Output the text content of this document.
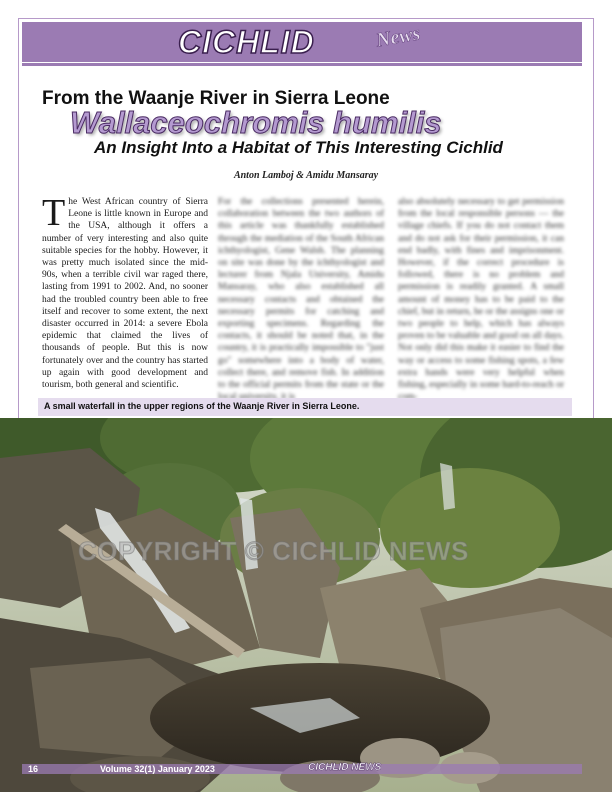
CICHLID	News
From the Waanje River in Sierra Leone
Wallaceochromis humilis
An Insight Into a Habitat of This Interesting Cichlid
Anton Lamboj & Amidu Mansaray
The West African country of Sierra Leone is little known in Europe and the USA, although it offers a number of very interesting and also quite suitable species for the hobby. However, it was pretty much isolated since the mid-90s, when a terrible civil war raged there, lasting from 1991 to 2002. And, no sooner had the troubled country been able to free itself and recover to some extent, the next disaster occurred in 2014: a severe Ebola epidemic that claimed the lives of thousands of people. But this is now fortunately over and the country has started up again with good development and tourism, both general and scientific.
For the collections presented herein, collaboration between the two authors of this article was thankfully established through the mediation of the South African ichthyologist, Gene Walsh. The planning on site was done by the ichthyologist and lecturer from Njala University, Amidu Mansaray, who also established all necessary contacts and obtained the necessary permits for catching and exporting specimens. Regarding the contacts, it should be noted that, in the country, it is practically impossible to "just go" somewhere into a body of water, collect there, and remove fish. In addition to the official permits from the state or the
also absolutely necessary to get permission from the local responsible persons — the village chiefs. If you do not contact them and do not ask for their permission, it can end badly, with fines and imprisonment. However, if the correct procedure is followed, there is no problem and permission is readily granted. A small amount of money has to be paid to the chief, but in return, he or the assigns one or two people to help, which has always proven to be valuable and good on all days. Not only did this make it easier to find the way or access to some fishing spots, a few extra hands were very helpful when fishing, especially in some hard-to-reach or
A small waterfall in the upper regions of the Waanje River in Sierra Leone.
COPYRIGHT © CICHLID NEWS
16	Volume 32(1) January 2023	CICHLID NEWS
